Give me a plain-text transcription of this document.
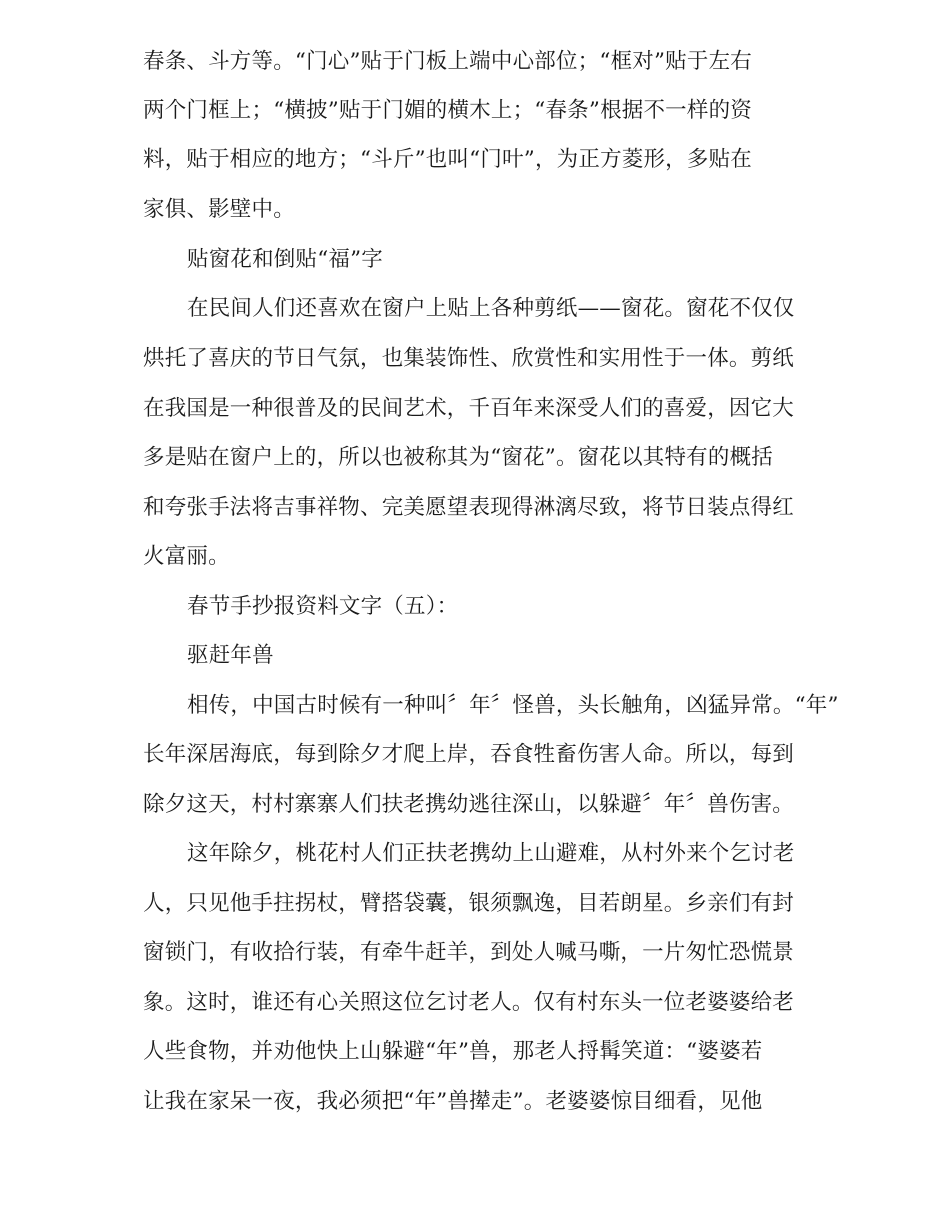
春条、斗方等。“门心”贴于门板上端中心部位；“框对”贴于左右
两个门框上；“横披”贴于门媚的横木上；“春条”根据不一样的资
料，贴于相应的地方；“斗斤”也叫“门叶”，为正方菱形，多贴在
家俱、影壁中。
贴窗花和倒贴“福”字
在民间人们还喜欢在窗户上贴上各种剪纸——窗花。窗花不仅仅
烘托了喜庆的节日气氛，也集装饰性、欣赏性和实用性于一体。剪纸
在我国是一种很普及的民间艺术，千百年来深受人们的喜爱，因它大
多是贴在窗户上的，所以也被称其为“窗花”。窗花以其特有的概括
和夸张手法将吉事祥物、完美愿望表现得淋漓尽致，将节日装点得红
火富丽。
春节手抄报资料文字（五）：
驱赶年兽
相传，中国古时候有一种叫〞年〞怪兽，头长触角，凶猛异常。“年”
长年深居海底，每到除夕才爬上岸，吞食牲畜伤害人命。所以，每到
除夕这天，村村寨寨人们扶老携幼逃往深山，以躲避〞年〞兽伤害。
这年除夕，桃花村人们正扶老携幼上山避难，从村外来个乞讨老
人，只见他手拄拐杖，臂搭袋囊，银须飘逸，目若朗星。乡亲们有封
窗锁门，有收拾行装，有牵牛赶羊，到处人喊马嘶，一片匆忙恐慌景
象。这时，谁还有心关照这位乞讨老人。仅有村东头一位老婆婆给老
人些食物，并劝他快上山躲避“年”兽，那老人捋髯笑道：“婆婆若
让我在家呆一夜，我必须把“年”兽撵走”。老婆婆惊目细看，见他
